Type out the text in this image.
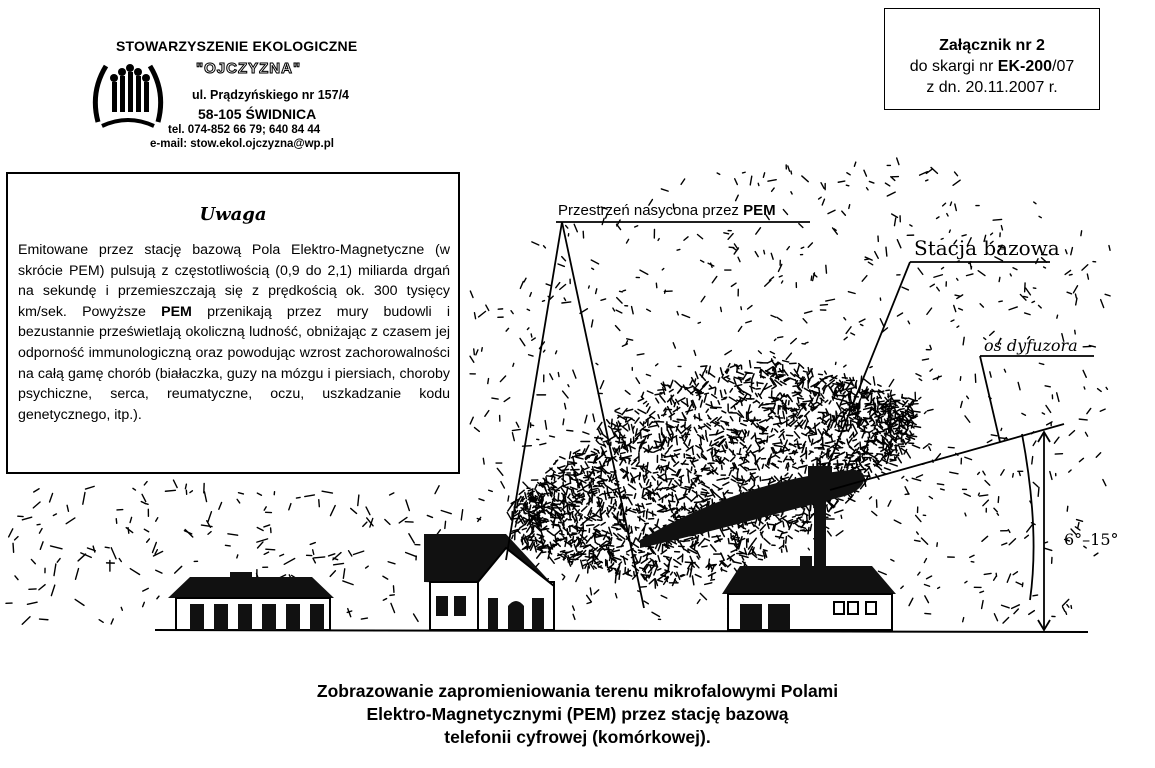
STOWARZYSZENIE EKOLOGICZNE
"OJCZYZNA"
ul. Prądzyńskiego nr 157/4
58-105 ŚWIDNICA
tel. 074-852 66 79; 640 84 44
e-mail: stow.ekol.ojczyzna@wp.pl
Załącznik nr 2
do skargi nr EK-200/07
z dn. 20.11.2007 r.
Uwaga
Emitowane przez stację bazową Pola Elektro-Magnetyczne (w skrócie PEM) pulsują z częstotliwością (0,9 do 2,1) miliarda drgań na sekundę i przemieszczają się z prędkością ok. 300 tysięcy km/sek. Powyższe PEM przenikają przez mury budowli i bezustannie prześwietlają okoliczną ludność, obniżając z czasem jej odporność immunologiczną oraz powodując wzrost zachorowalności na całą gamę chorób (białaczka, guzy na mózgu i piersiach, choroby psychiczne, serca, reumatyczne, oczu, uszkadzanie kodu genetycznego, itp.).
Przestrzeń nasycona przez PEM
Stacja bazowa
oś dyfuzora
6°–15°
Zobrazowanie zapromieniowania terenu mikrofalowymi Polami
Elektro-Magnetycznymi (PEM) przez stację bazową
telefonii cyfrowej (komórkowej).
